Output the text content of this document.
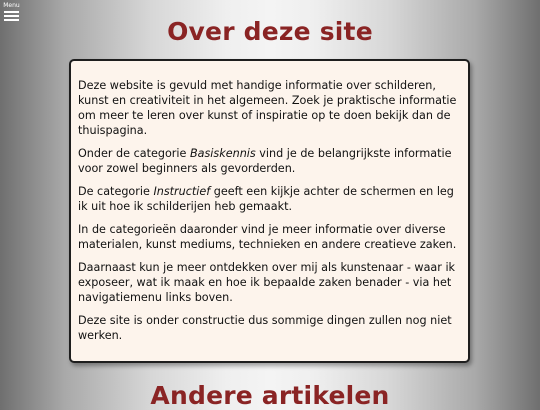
Menu
Over deze site

Deze website is gevuld met handige informatie over schilderen, kunst en creativiteit in het algemeen. Zoek je praktische informatie om meer te leren over kunst of inspiratie op te doen bekijk dan de thuispagina.

Onder de categorie Basiskennis vind je de belangrijkste informatie voor zowel beginners als gevorderden.

De categorie Instructief geeft een kijkje achter de schermen en leg ik uit hoe ik schilderijen heb gemaakt.

In de categorieën daaronder vind je meer informatie over diverse materialen, kunst mediums, technieken en andere creatieve zaken.

Daarnaast kun je meer ontdekken over mij als kunstenaar - waar ik exposeer, wat ik maak en hoe ik bepaalde zaken benader - via het navigatiemenu links boven.

Deze site is onder constructie dus sommige dingen zullen nog niet werken.

Andere artikelen
